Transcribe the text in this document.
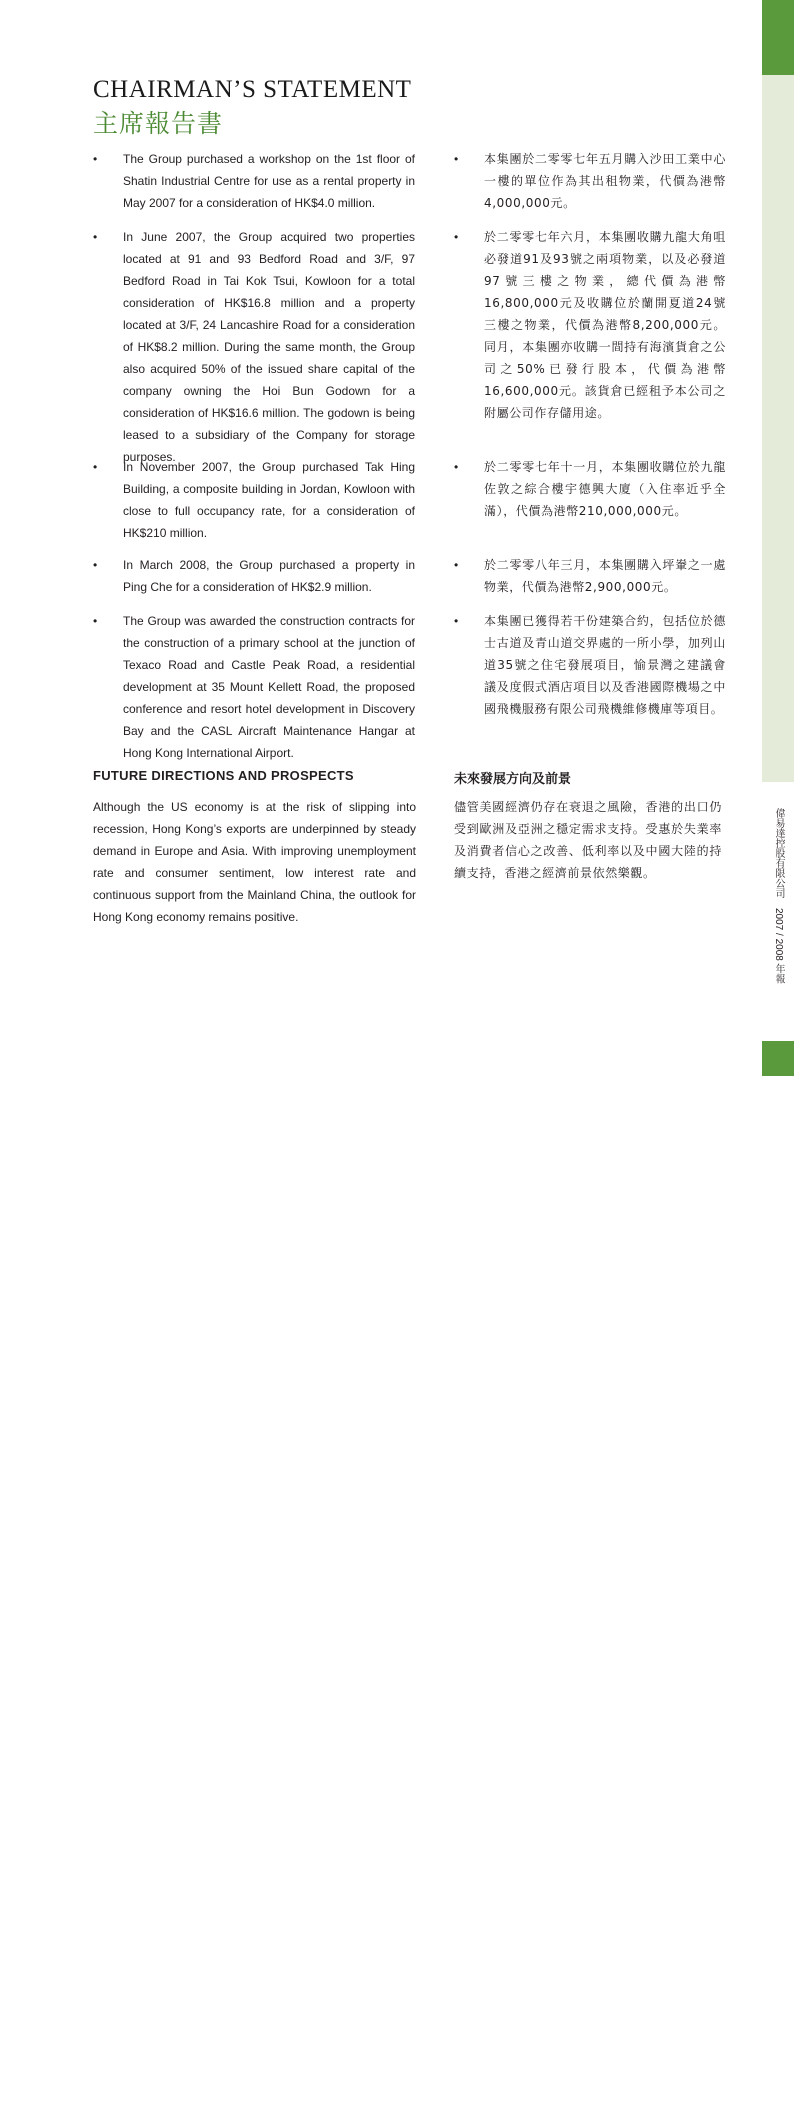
9
偉易達控股有限公司2007 / 2008 年報
CHAIRMAN’S STATEMENT
主席報告書
• The Group purchased a workshop on the 1st floor of Shatin Industrial Centre for use as a rental property in May 2007 for a consideration of HK$4.0 million.
• In June 2007, the Group acquired two properties located at 91 and 93 Bedford Road and 3/F, 97 Bedford Road in Tai Kok Tsui, Kowloon for a total consideration of HK$16.8 million and a property located at 3/F, 24 Lancashire Road for a consideration of HK$8.2 million. During the same month, the Group also acquired 50% of the issued share capital of the company owning the Hoi Bun Godown for a consideration of HK$16.6 million. The godown is being leased to a subsidiary of the Company for storage purposes.
• In November 2007, the Group purchased Tak Hing Building, a composite building in Jordan, Kowloon with close to full occupancy rate, for a consideration of HK$210 million.
• In March 2008, the Group purchased a property in Ping Che for a consideration of HK$2.9 million.
• The Group was awarded the construction contracts for the construction of a primary school at the junction of Texaco Road and Castle Peak Road, a residential development at 35 Mount Kellett Road, the proposed conference and resort hotel development in Discovery Bay and the CASL Aircraft Maintenance Hangar at Hong Kong International Airport.
• 本集團於二零零七年五月購入沙田工業中心一樓的單位作為其出租物業，代價為港幣4,000,000元。
• 於二零零七年六月，本集團收購九龍大角咀必發道91及93號之兩項物業，以及必發道97號三樓之物業，總代價為港幣16,800,000元及收購位於蘭開夏道24號三樓之物業，代價為港幣8,200,000元。同月，本集團亦收購一間持有海濱貨倉之公司之50%已發行股本，代價為港幣16,600,000元。該貨倉已經租予本公司之附屬公司作存儲用途。
• 於二零零七年十一月，本集團收購位於九龍佐敦之綜合樓宇德興大廈（入住率近乎全滿），代價為港幣210,000,000元。
• 於二零零八年三月，本集團購入坪輋之一處物業，代價為港幣2,900,000元。
• 本集團已獲得若干份建築合約，包括位於德士古道及青山道交界處的一所小學，加列山道35號之住宅發展項目，愉景灣之建議會議及度假式酒店項目以及香港國際機場之中國飛機服務有限公司飛機維修機庫等項目。
FUTURE DIRECTIONS AND PROSPECTS	未來發展方向及前景

Although the US economy is at the risk of slipping into recession, Hong Kong’s exports are underpinned by steady demand in Europe and Asia. With improving unemployment rate and consumer sentiment, low interest rate and continuous support from the Mainland China, the outlook for Hong Kong economy remains positive.

儘管美國經濟仍存在衰退之風險，香港的出口仍受到歐洲及亞洲之穩定需求支持。受惠於失業率及消費者信心之改善、低利率以及中國大陸的持續支持，香港之經濟前景依然樂觀。
